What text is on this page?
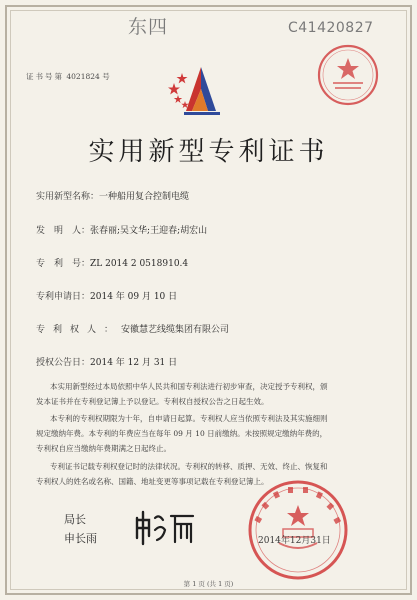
东四	C41420827
证书号第 4021824 号
实用新型专利证书
实用新型名称：一种船用复合控制电缆
发　明　人：张春丽;吴文华;王迎春;胡宏山
专　利　号：ZL 2014 2 0518910.4
专利申请日：2014 年 09 月 10 日
专利权人：安徽慧艺线缆集团有限公司
授权公告日：2014 年 12 月 31 日
本实用新型经过本局依照中华人民共和国专利法进行初步审查，决定授予专利权，颁
发本证书并在专利登记簿上予以登记。专利权自授权公告之日起生效。
本专利的专利权期限为十年，自申请日起算。专利权人应当依照专利法及其实施细则
规定缴纳年费。本专利的年费应当在每年 09 月 10 日前缴纳。未按照规定缴纳年费的，
专利权自应当缴纳年费期满之日起终止。
专利证书记载专利权登记时的法律状况。专利权的转移、质押、无效、终止、恢复和
专利权人的姓名或名称、国籍、地址变更等事项记载在专利登记簿上。
局长
申长雨	2014年12月31日
第 1 页 (共 1 页)
